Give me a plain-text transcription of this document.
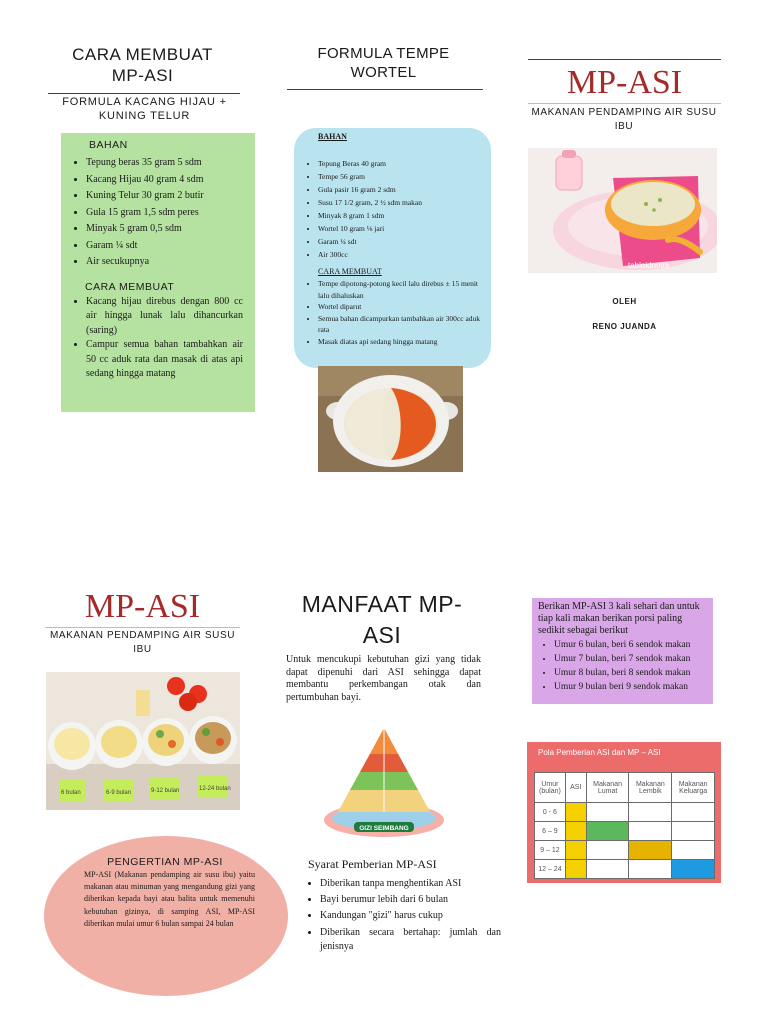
CARA MEMBUAT MP-ASI
FORMULA KACANG HIJAU + KUNING TELUR
BAHAN
• Tepung beras 35 gram 5 sdm
• Kacang Hijau 40 gram 4 sdm
• Kuning Telur 30 gram 2 butir
• Gula 15 gram 1,5 sdm peres
• Minyak 5 gram 0,5 sdm
• Garam ¼ sdt
• Air secukupnya
CARA MEMBUAT
• Kacang hijau direbus dengan 800 cc air hingga lunak lalu dihancurkan (saring)
• Campur semua bahan tambahkan air 50 cc aduk rata dan masak di atas api sedang hingga matang
FORMULA TEMPE WORTEL
BAHAN
• Tepung Beras 40 gram
• Tempe 56 gram
• Gula pasir 16 gram 2 sdm
• Susu 17 1/2 gram, 2 ½ sdm makan
• Minyak 8 gram 1 sdm
• Wortel 10 gram ⅛ jari
• Garam ¼ sdt
• Air 300cc
CARA MEMBUAT
• Tempe dipotong-potong kecil lalu direbus ± 15 menit lalu dihaluskan
• Wortel diparut
• Semua bahan dicampurkan tambahkan air 300cc aduk rata
• Masak diatas api sedang hingga matang
MP-ASI
MAKANAN PENDAMPING AIR SUSU IBU
tabloidnova
OLEH
RENO JUANDA
MP-ASI
MAKANAN PENDAMPING AIR SUSU IBU
6 bulan	6-9 bulan	9-12 bulan	12-24 bulan
PENGERTIAN MP-ASI
MP-ASI (Makanan pendamping air susu ibu) yaitu makanan atau minuman yang mengandung gizi yang diberikan kepada bayi atau balita untuk memenuhi kebutuhan gizinya, di samping ASI, MP-ASI diberikan mulai umur 6 bulan sampai 24 bulan
MANFAAT MP-ASI
Untuk mencukupi kebutuhan gizi yang tidak dapat dipenuhi dari ASI sehingga dapat membantu perkembangan otak dan pertumbuhan bayi.
GIZI SEIMBANG
Syarat Pemberian MP-ASI
• Diberikan tanpa menghentikan ASI
• Bayi berumur lebih dari 6 bulan
• Kandungan "gizi" harus cukup
• Diberikan secara bertahap: jumlah dan jenisnya
Berikan MP-ASI 3 kali sehari dan untuk tiap kali makan berikan porsi paling sedikit sebagai berikut
• Umur 6 bulan, beri 6 sendok makan
• Umur 7 bulan, beri 7 sendok makan
• Umur 8 bulan, beri 8 sendok makan
• Umur 9 bulan beri 9 sendok makan
Pola Pemberian ASI dan MP – ASI
Umur (bulan)	ASI	Makanan Lumat	Makanan Lembik	Makanan Keluarga
0 - 6				
6 – 9				
9 – 12				
12 – 24				
